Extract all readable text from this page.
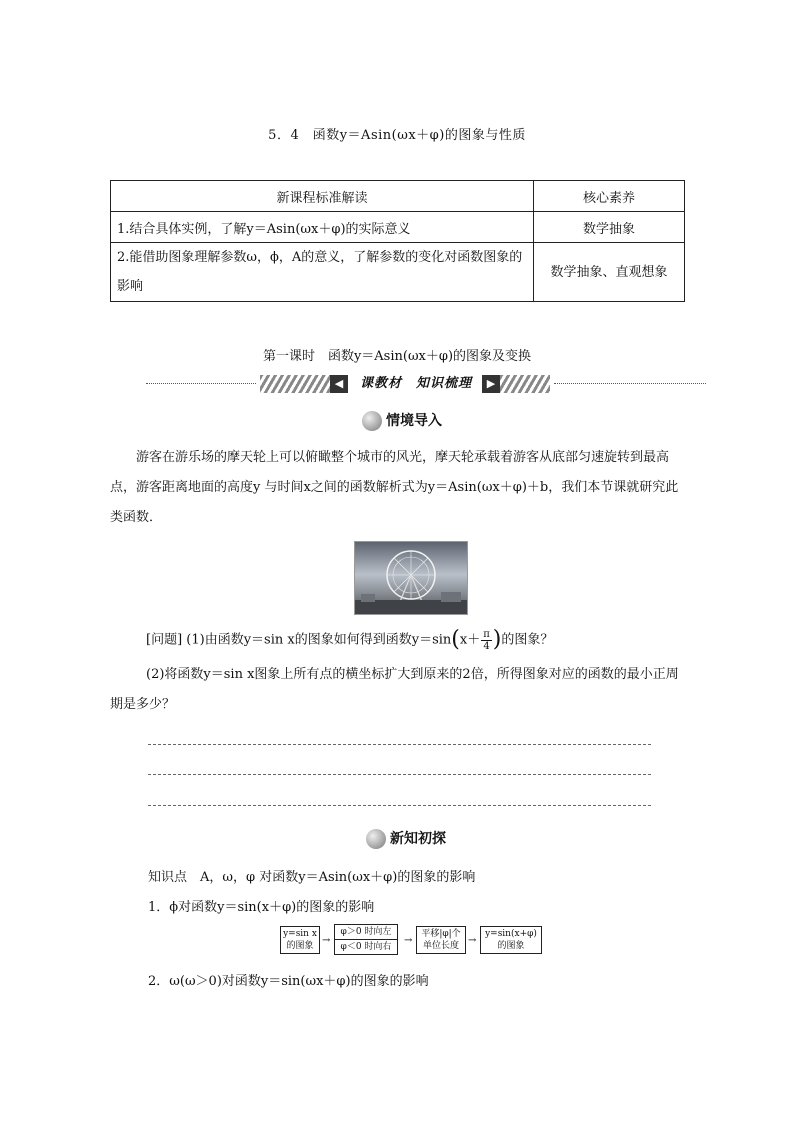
5．4　函数y＝Asin(ωx＋φ)的图象与性质
新课程标准解读	核心素养
1.结合具体实例，了解y＝Asin(ωx＋φ)的实际意义	数学抽象
2.能借助图象理解参数ω，ϕ，A的意义，了解参数的变化对函数图象的影响	数学抽象、直观想象
第一课时　函数y＝Asin(ωx＋φ)的图象及变换
◀	课教材　知识梳理	▶
情境导入
游客在游乐场的摩天轮上可以俯瞰整个城市的风光，摩天轮承载着游客从底部匀速旋转到最高点，游客距离地面的高度y 与时间x之间的函数解析式为y＝Asin(ωx＋φ)＋b，我们本节课就研究此类函数．
[问题] (1)由函数y＝sin x的图象如何得到函数$y=\sin(x+ \frac{\pi}{4}$ )的图象？
(2)将函数y＝sin x图象上所有点的横坐标扩大到原来的2倍，所得图象对应的函数的最小正周期是多少？
新知初探
知识点　A，ω，φ 对函数y＝Asin(ωx＋φ)的图象的影响
1．ϕ对函数y＝sin(x＋φ)的图象的影响
y=sin x
的图象 →
φ＞0 时向左
φ＜0 时向右
→
平移|φ|个
单位长度 →
y=sin(x+φ)
的图象
2．ω(ω＞0)对函数y＝sin(ωx＋φ)的图象的影响
